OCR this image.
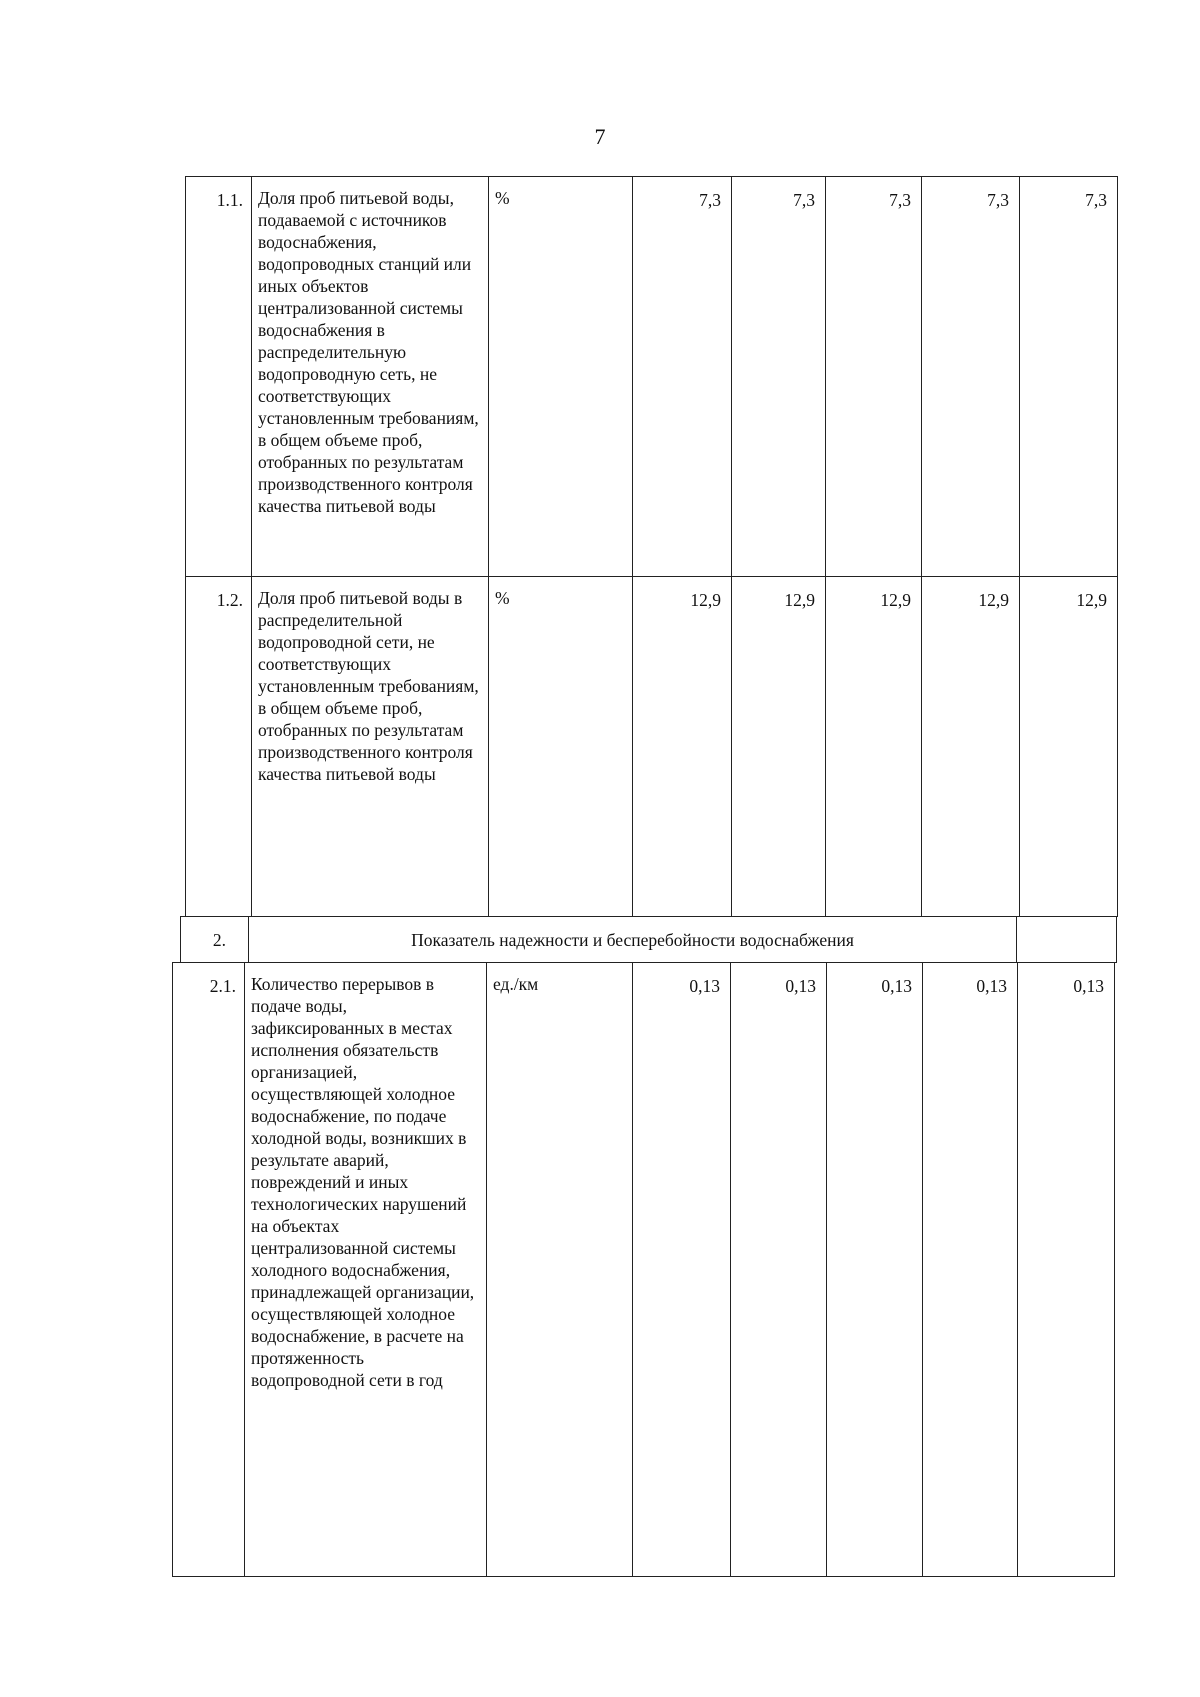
7
1.1.	Доля проб питьевой воды, подаваемой с источников водоснабжения, водопроводных станций или иных объектов централизованной системы водоснабжения в распределительную водопроводную сеть, не соответствующих установленным требованиям, в общем объеме проб, отобранных по результатам производственного контроля качества питьевой воды	%	7,3	7,3	7,3	7,3	7,3
1.2.	Доля проб питьевой воды в распределительной водопроводной сети, не соответствующих установленным требованиям, в общем объеме проб, отобранных по результатам производственного контроля качества питьевой воды	%	12,9	12,9	12,9	12,9	12,9
2.	Показатель надежности и бесперебойности водоснабжения	
2.1.	Количество перерывов в подаче воды, зафиксированных в местах исполнения обязательств организацией, осуществляющей холодное водоснабжение, по подаче холодной воды, возникших в результате аварий, повреждений и иных технологических нарушений на объектах централизованной системы холодного водоснабжения, принадлежащей организации, осуществляющей холодное водоснабжение, в расчете на протяженность водопроводной сети в год	ед./км	0,13	0,13	0,13	0,13	0,13
